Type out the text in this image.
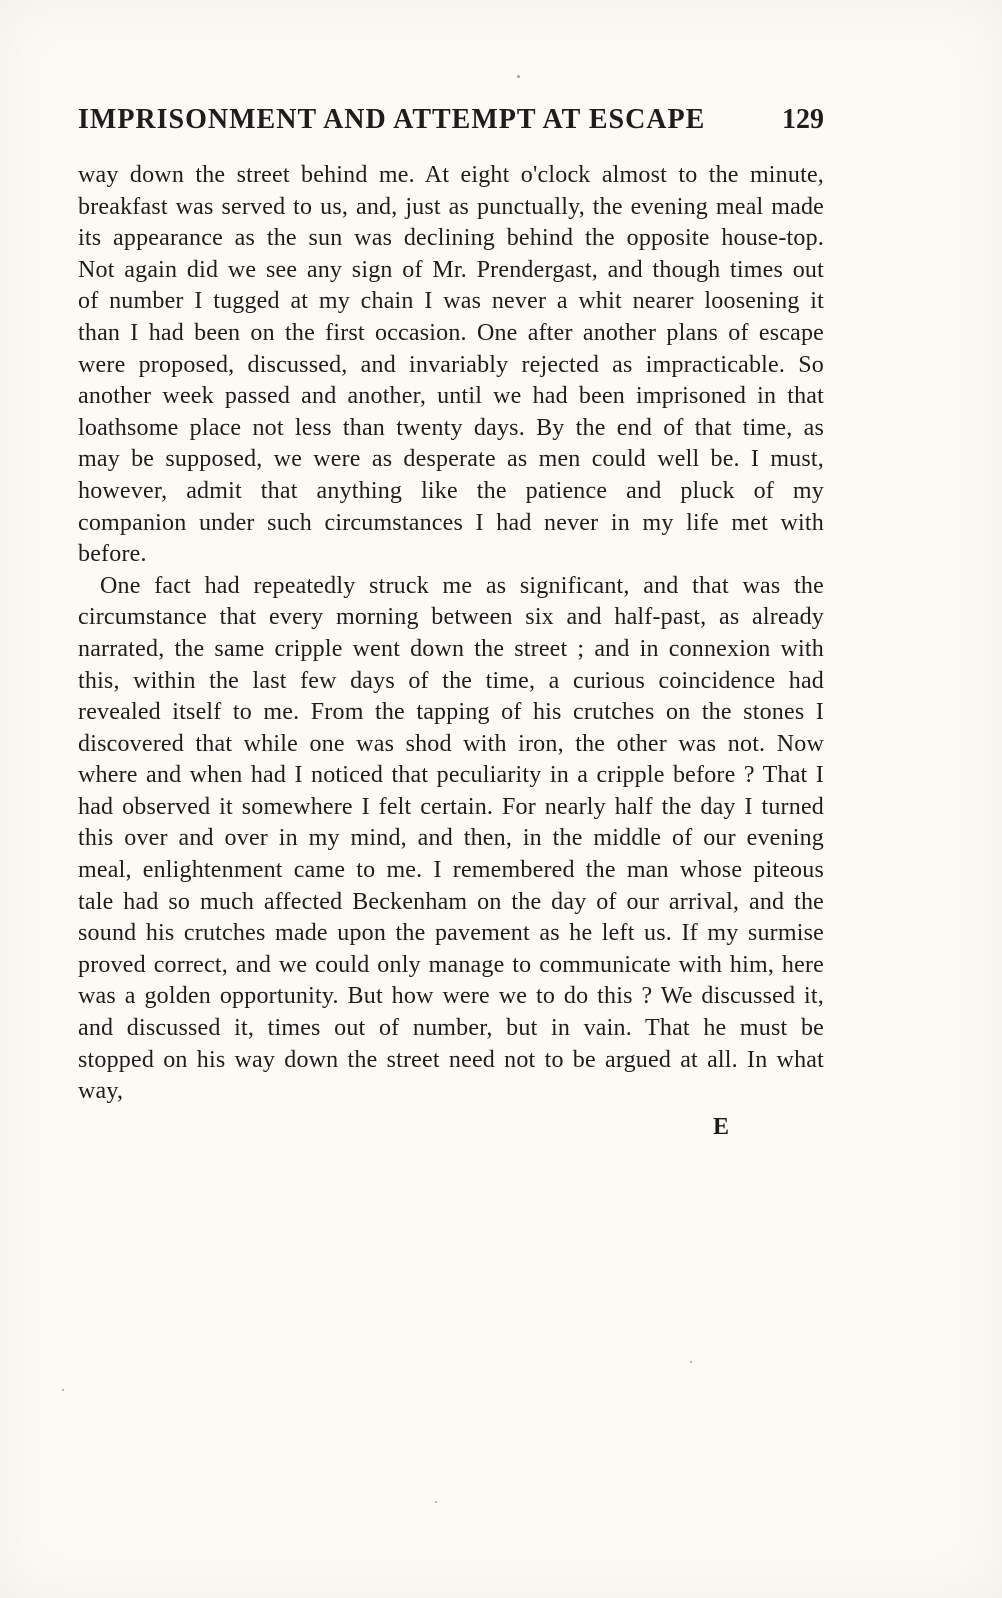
IMPRISONMENT AND ATTEMPT AT ESCAPE	129

way down the street behind me. At eight o'clock almost to the minute, breakfast was served to us, and, just as punctually, the evening meal made its appearance as the sun was declining behind the opposite house-top. Not again did we see any sign of Mr. Prendergast, and though times out of number I tugged at my chain I was never a whit nearer loosening it than I had been on the first occasion. One after another plans of escape were proposed, discussed, and invariably rejected as impracticable. So another week passed and another, until we had been imprisoned in that loathsome place not less than twenty days. By the end of that time, as may be supposed, we were as desperate as men could well be. I must, however, admit that anything like the patience and pluck of my companion under such circumstances I had never in my life met with before.

One fact had repeatedly struck me as significant, and that was the circumstance that every morning between six and half-past, as already narrated, the same cripple went down the street ; and in connexion with this, within the last few days of the time, a curious coincidence had revealed itself to me. From the tapping of his crutches on the stones I discovered that while one was shod with iron, the other was not. Now where and when had I noticed that peculiarity in a cripple before ? That I had observed it somewhere I felt certain. For nearly half the day I turned this over and over in my mind, and then, in the middle of our evening meal, enlightenment came to me. I remembered the man whose piteous tale had so much affected Beckenham on the day of our arrival, and the sound his crutches made upon the pavement as he left us. If my surmise proved correct, and we could only manage to communicate with him, here was a golden opportunity. But how were we to do this ? We discussed it, and discussed it, times out of number, but in vain. That he must be stopped on his way down the street need not to be argued at all. In what way,

E
